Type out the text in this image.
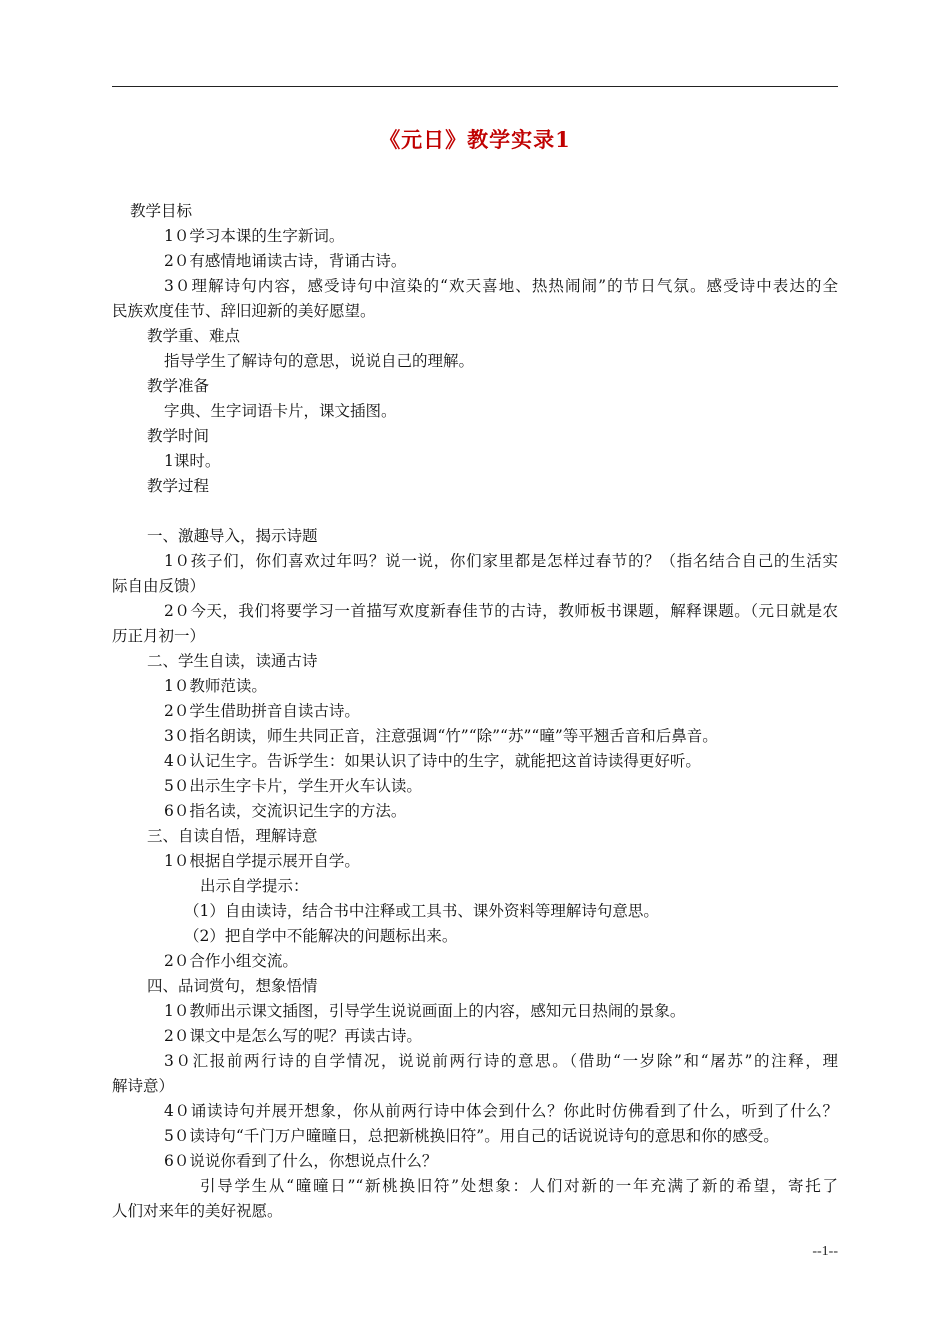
《元日》教学实录1
教学目标
1０学习本课的生字新词。
2０有感情地诵读古诗，背诵古诗。
3０理解诗句内容，感受诗句中渲染的“欢天喜地、热热闹闹”的节日气氛。感受诗中表达的全
民族欢度佳节、辞旧迎新的美好愿望。
教学重、难点
指导学生了解诗句的意思，说说自己的理解。
教学准备
字典、生字词语卡片，课文插图。
教学时间
1课时。
教学过程
一、激趣导入，揭示诗题
1０孩子们，你们喜欢过年吗？说一说，你们家里都是怎样过春节的？（指名结合自己的生活实
际自由反馈）
2０今天，我们将要学习一首描写欢度新春佳节的古诗，教师板书课题，解释课题。（元日就是农
历正月初一）
二、学生自读，读通古诗
1０教师范读。
2０学生借助拼音自读古诗。
3０指名朗读，师生共同正音，注意强调“竹”“除”“苏”“曈”等平翘舌音和后鼻音。
4０认记生字。告诉学生：如果认识了诗中的生字，就能把这首诗读得更好听。
5０出示生字卡片，学生开火车认读。
6０指名读，交流识记生字的方法。
三、自读自悟，理解诗意
1０根据自学提示展开自学。
出示自学提示：
（1）自由读诗，结合书中注释或工具书、课外资料等理解诗句意思。
（2）把自学中不能解决的问题标出来。
2０合作小组交流。
四、品词赏句，想象悟情
1０教师出示课文插图，引导学生说说画面上的内容，感知元日热闹的景象。
2０课文中是怎么写的呢？再读古诗。
3０汇报前两行诗的自学情况，说说前两行诗的意思。（借助“一岁除”和“屠苏”的注释，理
解诗意）
4０诵读诗句并展开想象，你从前两行诗中体会到什么？你此时仿佛看到了什么，听到了什么？
5０读诗句“千门万户曈曈日，总把新桃换旧符”。用自己的话说说诗句的意思和你的感受。
6０说说你看到了什么，你想说点什么？
引导学生从“曈曈日”“新桃换旧符”处想象：人们对新的一年充满了新的希望，寄托了
人们对来年的美好祝愿。
--1--
